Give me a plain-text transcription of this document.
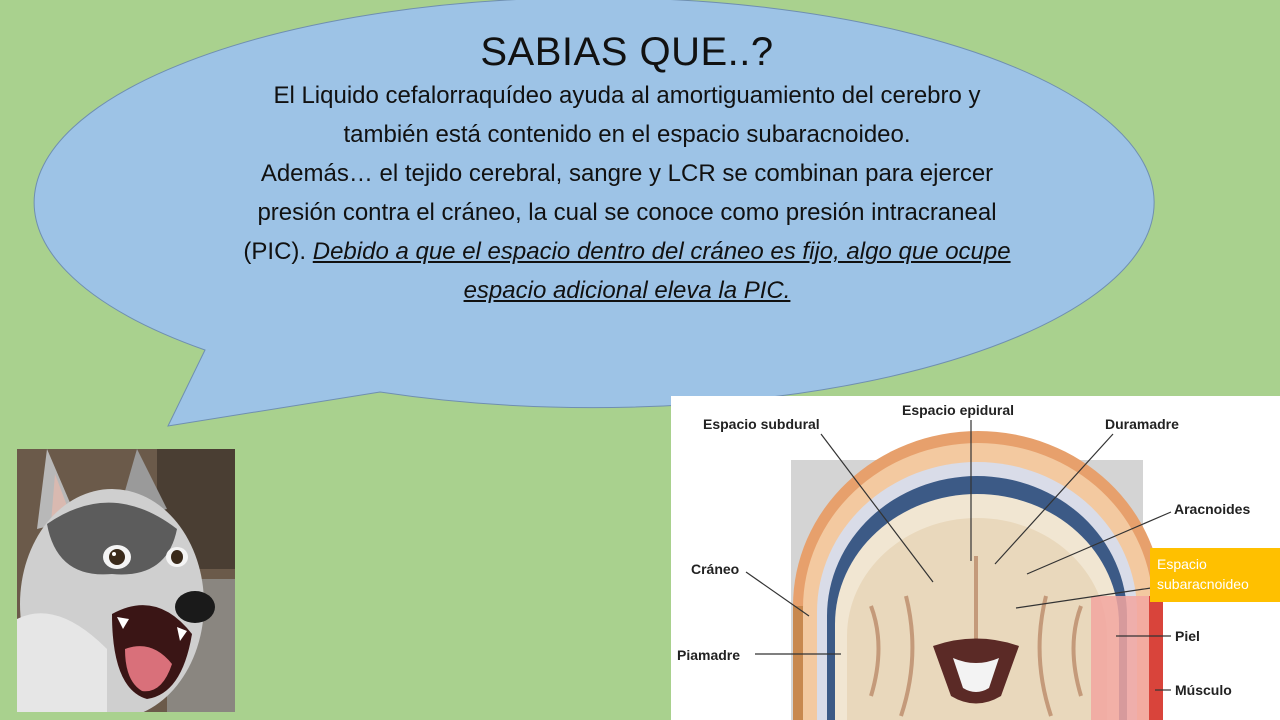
SABIAS QUE..?

El Liquido cefalorraquídeo ayuda al amortiguamiento del cerebro y también está contenido en el espacio subaracnoideo.

Además… el tejido cerebral, sangre y LCR se combinan para ejercer presión contra el cráneo, la cual se conoce como presión intracraneal (PIC). Debido a que el espacio dentro del cráneo es fijo, algo que ocupe espacio adicional eleva la PIC.

Espacio subdural
Espacio epidural
Duramadre
Aracnoides
Cráneo
Piamadre
Piel
Músculo
Espacio subaracnoideo
